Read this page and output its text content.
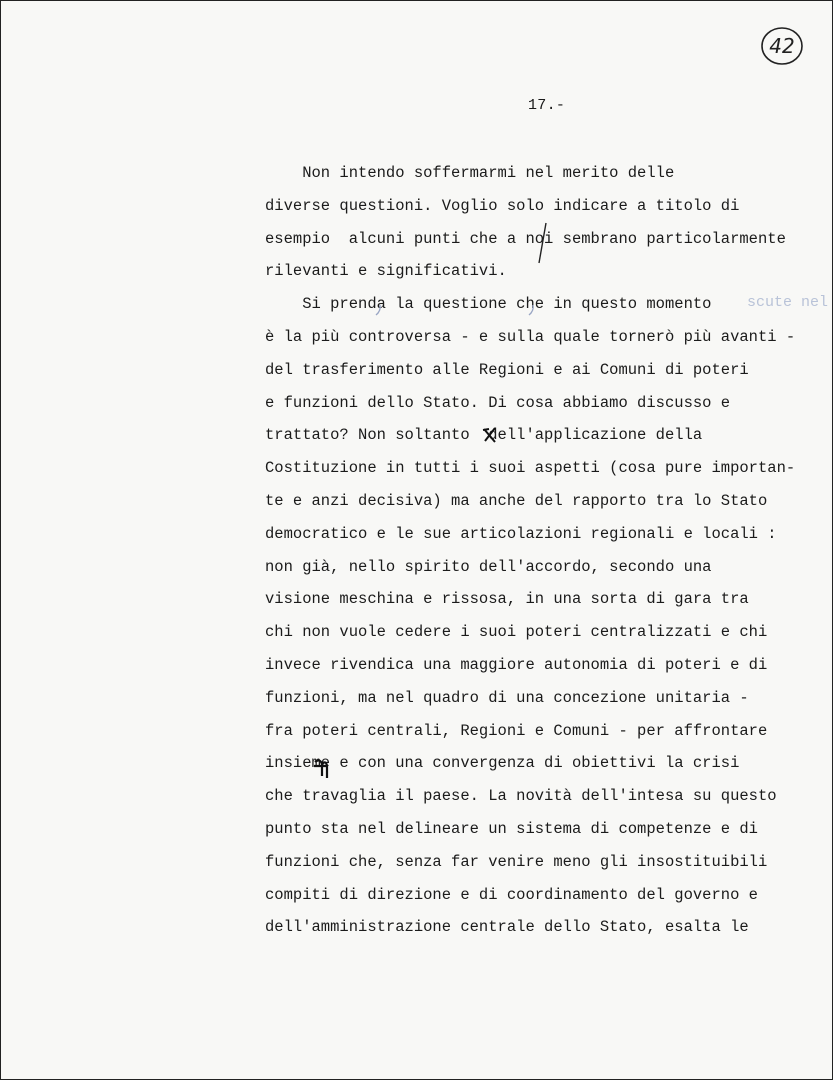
42
17.-
Non intendo soffermarmi nel merito delle
diverse questioni. Voglio solo indicare a titolo di
esempio  alcuni punti che a noi sembrano particolarmente
rilevanti e significativi.
Si prenda la questione che in questo momento
è la più controversa - e sulla quale tornerò più avanti -
del trasferimento alle Regioni e ai Comuni di poteri
e funzioni dello Stato. Di cosa abbiamo discusso e
trattato? Non soltanto  dell'applicazione della
Costituzione in tutti i suoi aspetti (cosa pure importan-
te e anzi decisiva) ma anche del rapporto tra lo Stato
democratico e le sue articolazioni regionali e locali :
non già, nello spirito dell'accordo, secondo una
visione meschina e rissosa, in una sorta di gara tra
chi non vuole cedere i suoi poteri centralizzati e chi
invece rivendica una maggiore autonomia di poteri e di
funzioni, ma nel quadro di una concezione unitaria -
fra poteri centrali, Regioni e Comuni - per affrontare
insieme e con una convergenza di obiettivi la crisi
che travaglia il paese. La novità dell'intesa su questo
punto sta nel delineare un sistema di competenze e di
funzioni che, senza far venire meno gli insostituibili
compiti di direzione e di coordinamento del governo e
dell'amministrazione centrale dello Stato, esalta le
scute nel
